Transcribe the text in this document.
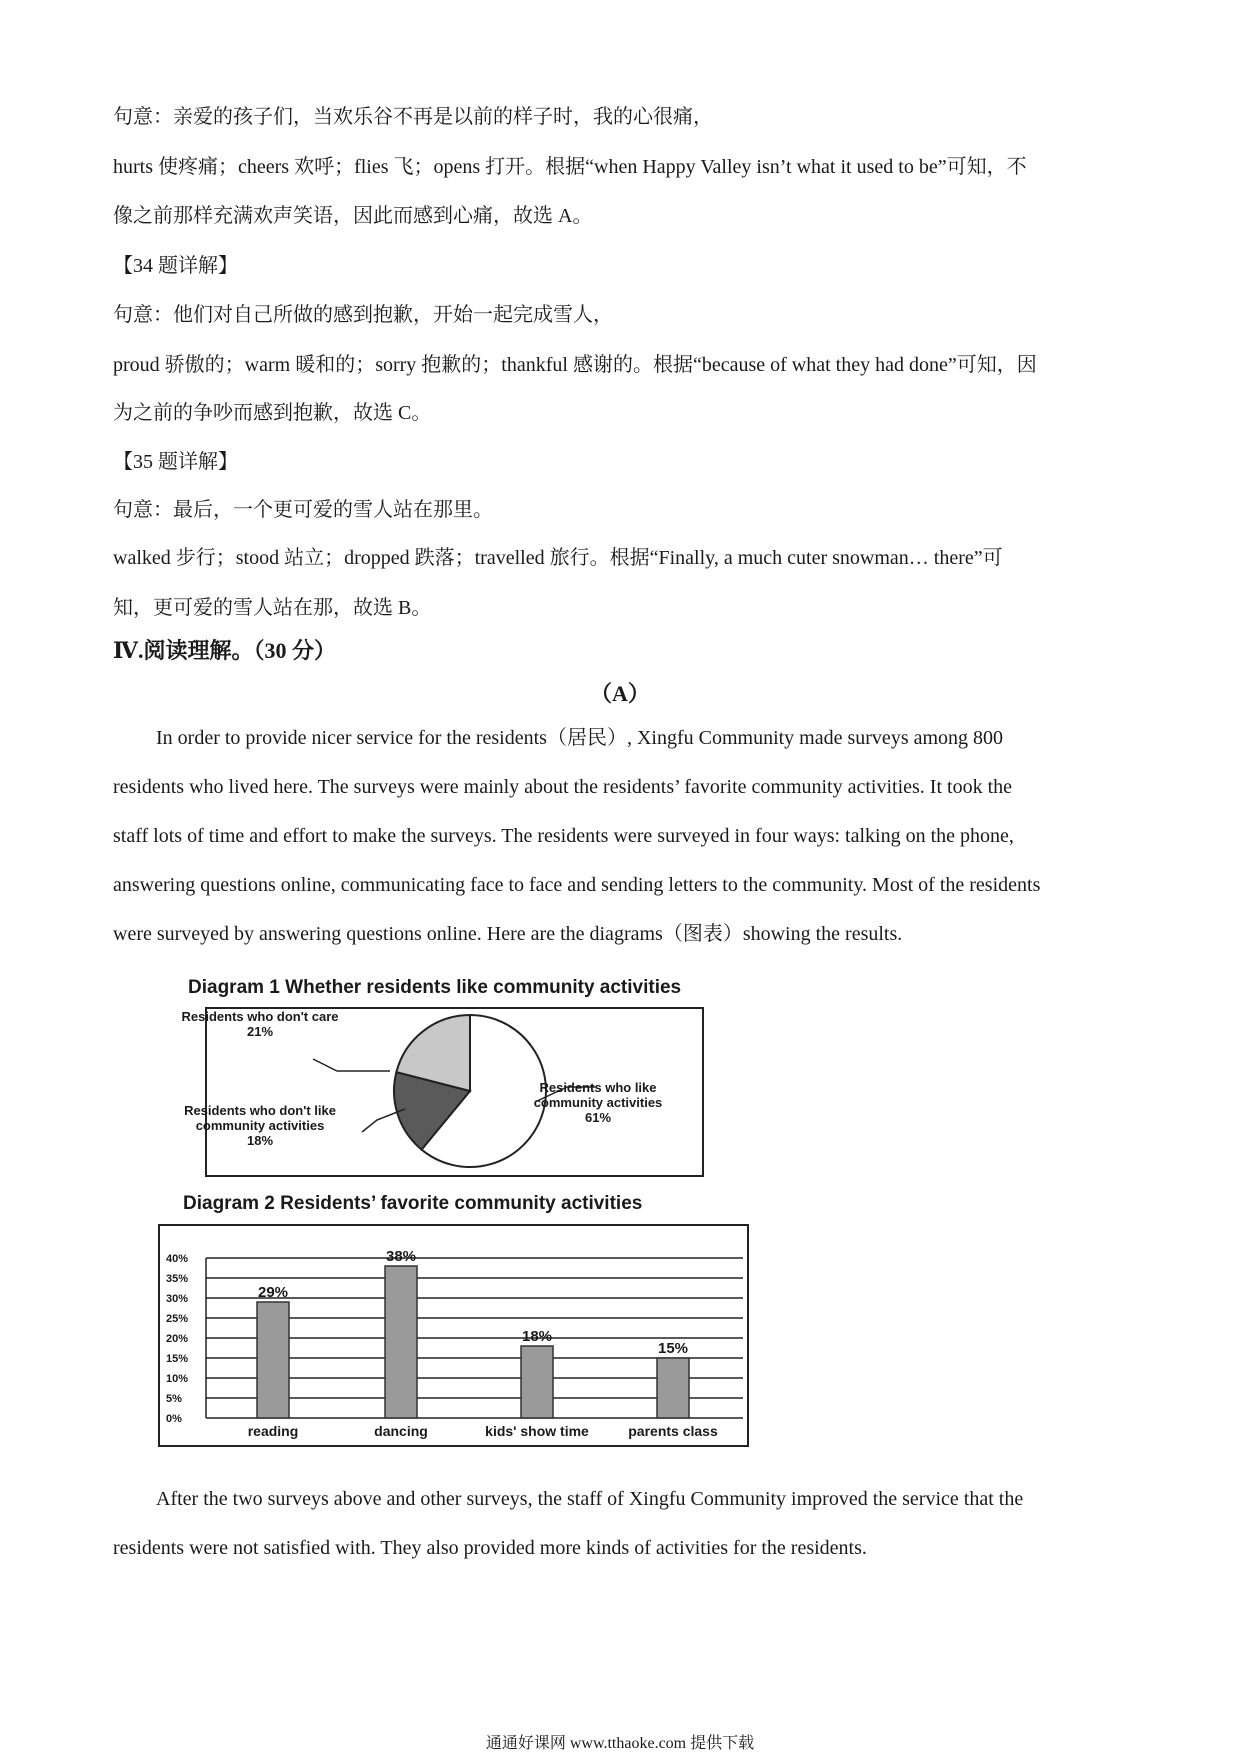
句意：亲爱的孩子们，当欢乐谷不再是以前的样子时，我的心很痛，
hurts 使疼痛；cheers 欢呼；flies 飞；opens 打开。根据“when Happy Valley isn’t what it used to be”可知，不
像之前那样充满欢声笑语，因此而感到心痛，故选 A。
【34 题详解】
句意：他们对自己所做的感到抱歉，开始一起完成雪人，
proud 骄傲的；warm 暖和的；sorry 抱歉的；thankful 感谢的。根据“because of what they had done”可知，因
为之前的争吵而感到抱歉，故选 C。
【35 题详解】
句意：最后，一个更可爱的雪人站在那里。
walked 步行；stood 站立；dropped 跌落；travelled 旅行。根据“Finally, a much cuter snowman… there”可
知，更可爱的雪人站在那，故选 B。
Ⅳ.阅读理解。（30 分）
（A）
In order to provide nicer service for the residents（居民）, Xingfu Community made surveys among 800
residents who lived here. The surveys were mainly about the residents’ favorite community activities. It took the
staff lots of time and effort to make the surveys. The residents were surveyed in four ways: talking on the phone,
answering questions online, communicating face to face and sending letters to the community. Most of the residents
were surveyed by answering questions online. Here are the diagrams（图表）showing the results.
Diagram 1 Whether residents like community activities
Residents who like
community activities
61%
Residents who don't like
community activities
18%
Residents who don't care
21%
Diagram 2 Residents’ favorite community activities
0%
5%
10%
15%
20%
25%
30%
35%
40%
29%
38%
18%
15%
reading	dancing	kids' show time	parents class
After the two surveys above and other surveys, the staff of Xingfu Community improved the service that the
residents were not satisfied with. They also provided more kinds of activities for the residents.
通通好课网 www.tthaoke.com 提供下载
